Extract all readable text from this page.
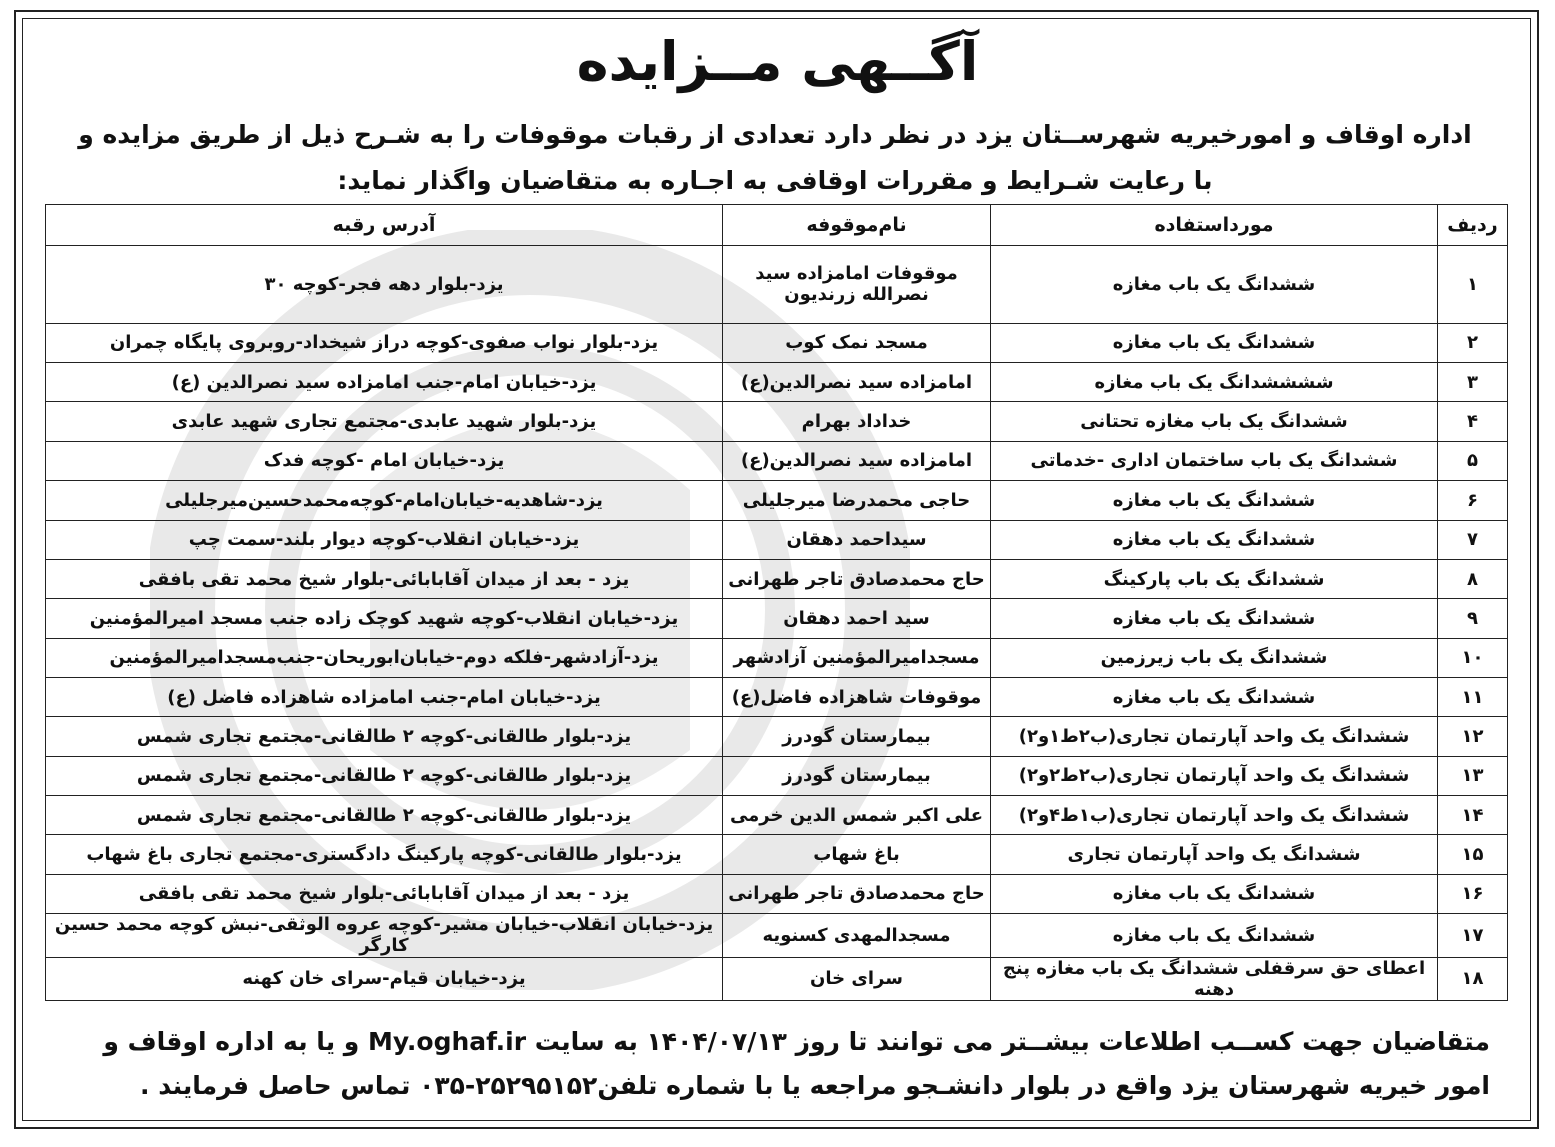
آگــهی مــزایده
اداره اوقاف و امورخیریه شهرســتان یزد در نظر دارد تعدادی از رقبات موقوفات را به شـرح ذیل از طریق مزایده و با رعایت شـرایط و مقررات اوقافی به اجـاره به متقاضیان واگذار نماید:
ردیف	مورداستفاده	نام‌موقوفه	آدرس رقبه
۱	ششدانگ یک باب مغازه	موقوفات امامزاده سید نصرالله زرندیون	یزد-بلوار دهه فجر-کوچه ۳۰
۲	ششدانگ یک باب مغازه	مسجد نمک کوب	یزد-بلوار نواب صفوی-کوچه دراز شیخداد-روبروی پایگاه چمران
۳	ششششدانگ یک باب مغازه	امامزاده سید نصرالدین(ع)	یزد-خیابان امام-جنب امامزاده سید نصرالدین (ع)
۴	ششدانگ یک باب مغازه تحتانی	خداداد بهرام	یزد-بلوار شهید عابدی-مجتمع تجاری شهید عابدی
۵	ششدانگ یک باب ساختمان اداری -خدماتی	امامزاده سید نصرالدین(ع)	یزد-خیابان امام -کوچه فدک
۶	ششدانگ یک باب مغازه	حاجی محمدرضا میرجلیلی	یزد-شاهدیه-خیابان‌امام-کوچه‌محمدحسین‌میرجلیلی
۷	ششدانگ یک باب مغازه	سیداحمد دهقان	یزد-خیابان انقلاب-کوچه دیوار بلند-سمت چپ
۸	ششدانگ یک باب پارکینگ	حاج محمدصادق تاجر طهرانی	یزد - بعد از میدان آقابابائی-بلوار شیخ محمد تقی بافقی
۹	ششدانگ یک باب مغازه	سید احمد دهقان	یزد-خیابان انقلاب-کوچه شهید کوچک زاده جنب مسجد امیرالمؤمنین
۱۰	ششدانگ یک باب زیرزمین	مسجدامیرالمؤمنین آزادشهر	یزد-آزادشهر-فلکه دوم-خیابان‌ابوریحان-جنب‌مسجدامیرالمؤمنین
۱۱	ششدانگ یک باب مغازه	موقوفات شاهزاده فاضل(ع)	یزد-خیابان امام-جنب امامزاده شاهزاده فاضل (ع)
۱۲	ششدانگ یک واحد آپارتمان تجاری(ب۲ط۱و۲)	بیمارستان گودرز	یزد-بلوار طالقانی-کوچه ۲ طالقانی-مجتمع تجاری شمس
۱۳	ششدانگ یک واحد آپارتمان تجاری(ب۲ط۲و۲)	بیمارستان گودرز	یزد-بلوار طالقانی-کوچه ۲ طالقانی-مجتمع تجاری شمس
۱۴	ششدانگ یک واحد آپارتمان تجاری(ب۱ط۴و۲)	علی اکبر شمس الدین خرمی	یزد-بلوار طالقانی-کوچه ۲ طالقانی-مجتمع تجاری شمس
۱۵	ششدانگ یک واحد آپارتمان تجاری	باغ شهاب	یزد-بلوار طالقانی-کوچه پارکینگ دادگستری-مجتمع تجاری باغ شهاب
۱۶	ششدانگ یک باب مغازه	حاج محمدصادق تاجر طهرانی	یزد - بعد از میدان آقابابائی-بلوار شیخ محمد تقی بافقی
۱۷	ششدانگ یک باب مغازه	مسجدالمهدی کسنویه	یزد-خیابان انقلاب-خیابان مشیر-کوچه عروه الوثقی-نبش کوچه محمد حسین کارگر
۱۸	اعطای حق سرقفلی ششدانگ یک باب مغازه پنج دهنه	سرای خان	یزد-خیابان قیام-سرای خان کهنه
متقاضیان جهت کســب اطلاعات بیشــتر می توانند تا روز ۱۴۰۴/۰۷/۱۳ به سایت My.oghaf.ir و یا به اداره اوقاف و امور خیریه شهرستان یزد واقع در بلوار دانشـجو مراجعه یا با شماره تلفن۰۳۵-۲۵۲۹۵۱۵۲ تماس حاصل فرمایند .
